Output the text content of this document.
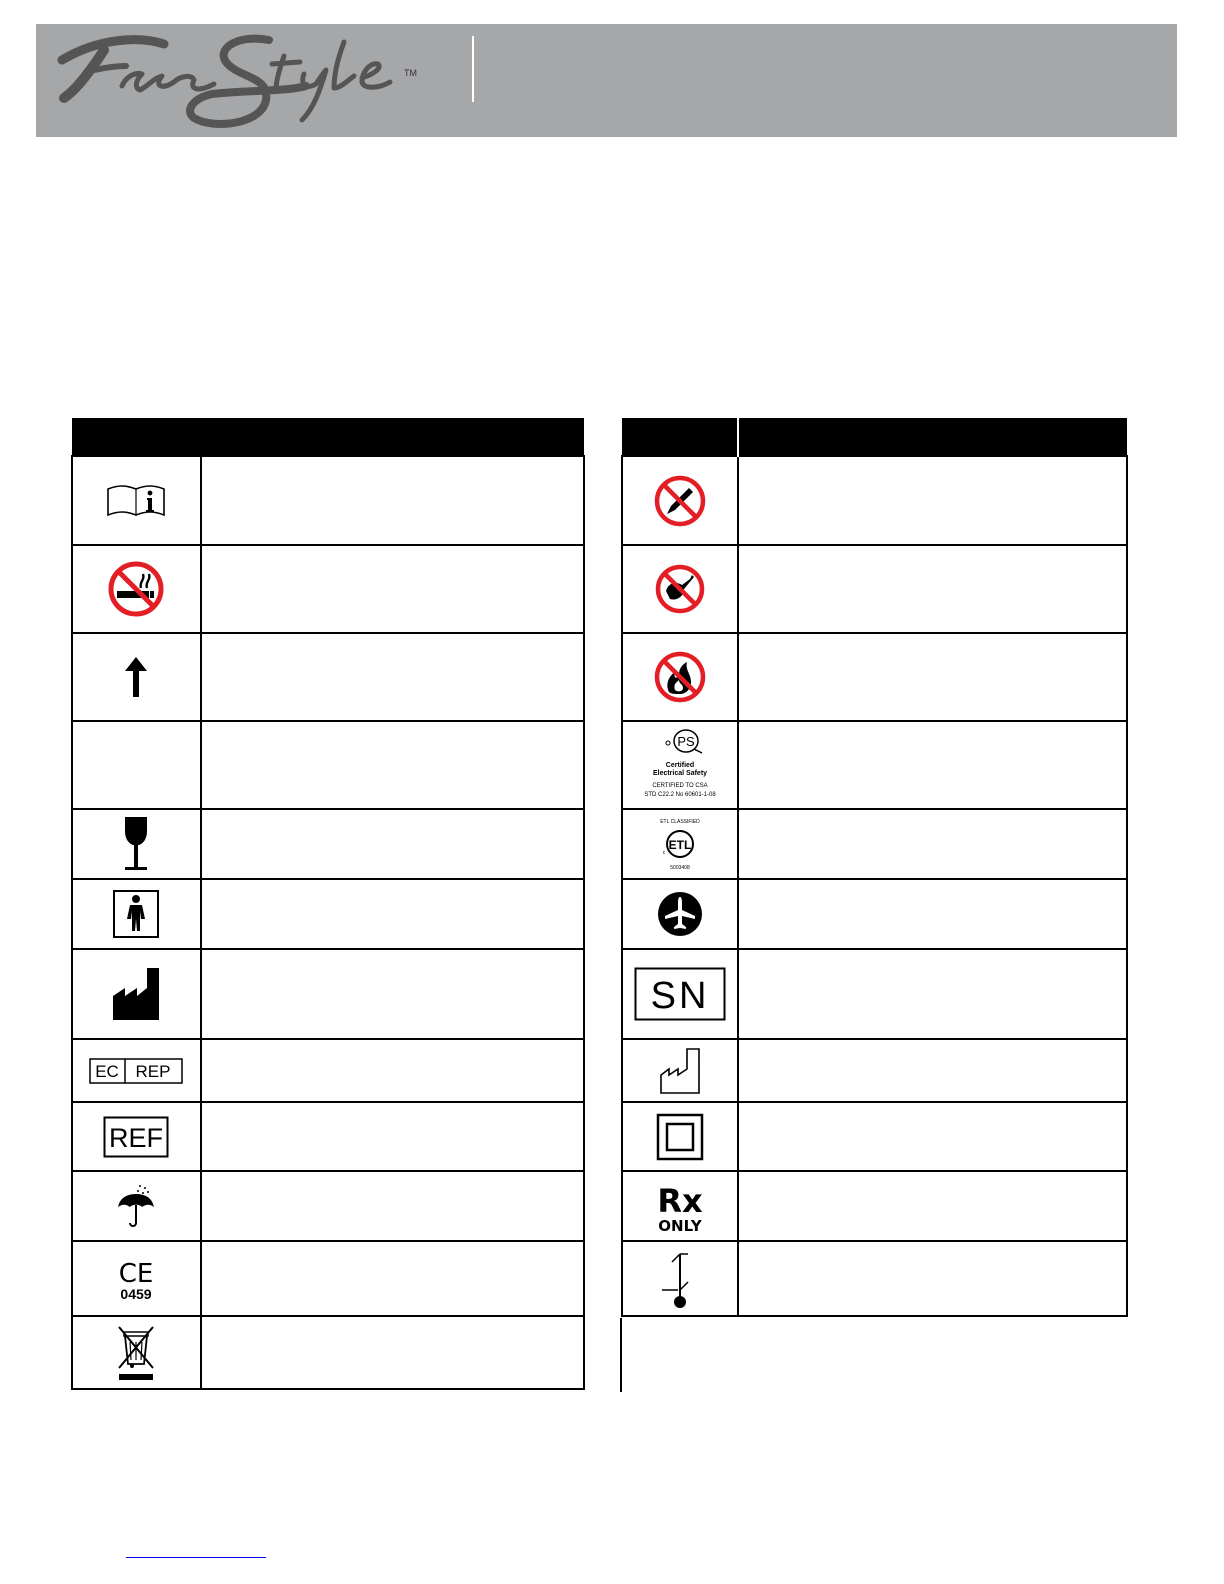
TM

EC REP	

REF	

CE
0459	

PS
Certified
Electrical Safety
CERTIFIED TO CSA
STD C22.2 No 60601-1-08	

ETL CLASSIFIED
ETL
c
5003408	

SN	

Rx
ONLY	
